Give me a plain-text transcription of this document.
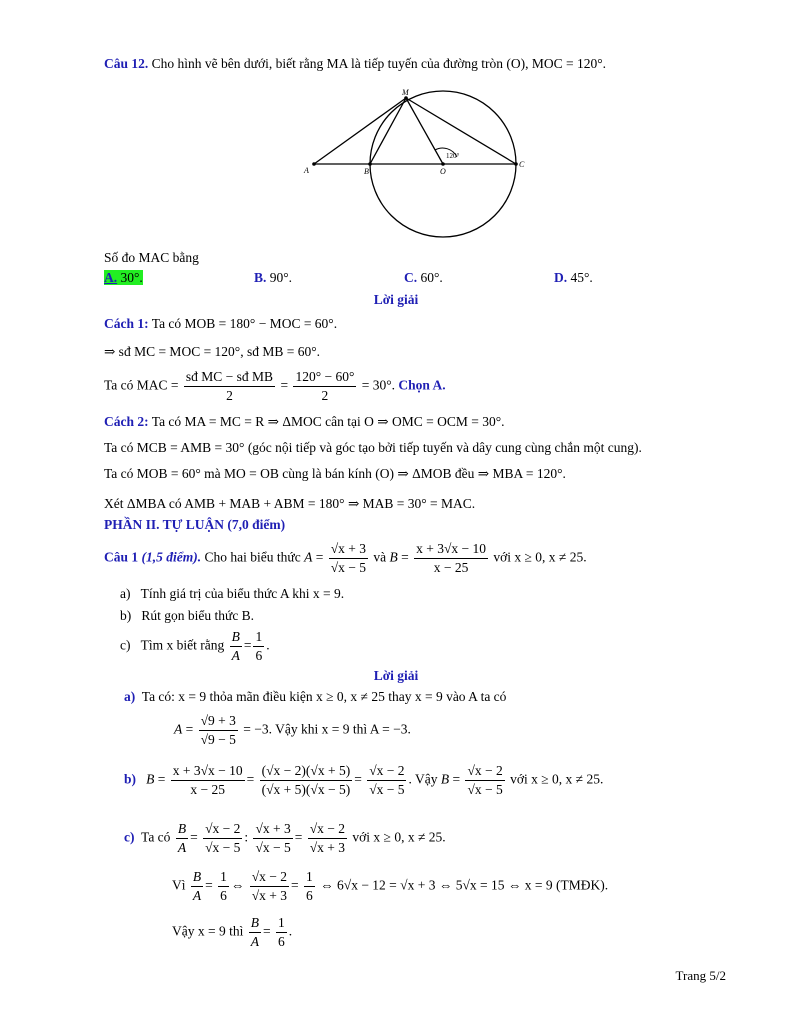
Câu 12. Cho hình vẽ bên dưới, biết rằng MA là tiếp tuyến của đường tròn (O), MOC = 120°.
M
A	B	O
C
120°
Số đo MAC bằng
A. 30°.	B. 90°.	C. 60°.	D. 45°.
Lời giải
Cách 1: Ta có MOB = 180° − MOC = 60°.
⇒ sđ MC = MOC = 120°, sđ MB = 60°.
Ta có MAC = $\frac{\text{sđ MC − sđ MB}}{2} = \frac{120^\circ - 60^\circ}{2} = 30^\circ$. Chọn A.
Cách 2: Ta có MA = MC = R ⇒ ΔMOC cân tại O ⇒ OMC = OCM = 30°.
Ta có MCB = AMB = 30° (góc nội tiếp và góc tạo bởi tiếp tuyến và dây cung cùng chắn một cung).
Ta có MOB = 60° mà MO = OB cùng là bán kính (O) ⇒ ΔMOB đều ⇒ MBA = 120°.
Xét ΔMBA có AMB + MAB + ABM = 180° ⇒ MAB = 30° = MAC.
PHẦN II. TỰ LUẬN (7,0 điểm)
Câu 1 (1,5 điểm). Cho hai biểu thức $A = \frac{√x + 3}{√x - 5}$ và $B = \frac{x + 3√x - 10}{x - 25}$ với x ≥ 0, x ≠ 25.
a) Tính giá trị của biểu thức A khi x = 9.
b) Rút gọn biểu thức B.
c) Tìm x biết rằng $\frac{B}{A} = \frac{1}{6}$ .
Lời giải
a) Ta có: x = 9 thỏa mãn điều kiện x ≥ 0, x ≠ 25 thay x = 9 vào A ta có
$A = \frac{√9 + 3}{√9 - 5} = -3$. Vậy khi x = 9 thì A = −3.
b) $B = \frac{x + 3√x - 10}{x - 25} = \frac{(√x - 2)(√x + 5)}{(√x + 5)(√x - 5)} = \frac{√x - 2}{√x - 5}$ . Vậy $B = \frac{√x - 2}{√x - 5}$ với x ≥ 0, x ≠ 25.
c) Ta có $\frac{B}{A} = \frac{√x - 2}{√x - 5}$ : $\frac{√x + 3}{√x - 5} = \frac{√x - 2}{√x + 3}$ với x ≥ 0, x ≠ 25.
Vì $\frac{B}{A} = \frac{1}{6}$ ⇔ $\frac{√x - 2}{√x + 3} = \frac{1}{6}$ ⇔ 6√x − 12 = √x + 3 ⇔ 5√x = 15 ⇔ x = 9 (TMĐK).
Vậy x = 9 thì $\frac{B}{A} = \frac{1}{6}$ .
Trang 5/2
